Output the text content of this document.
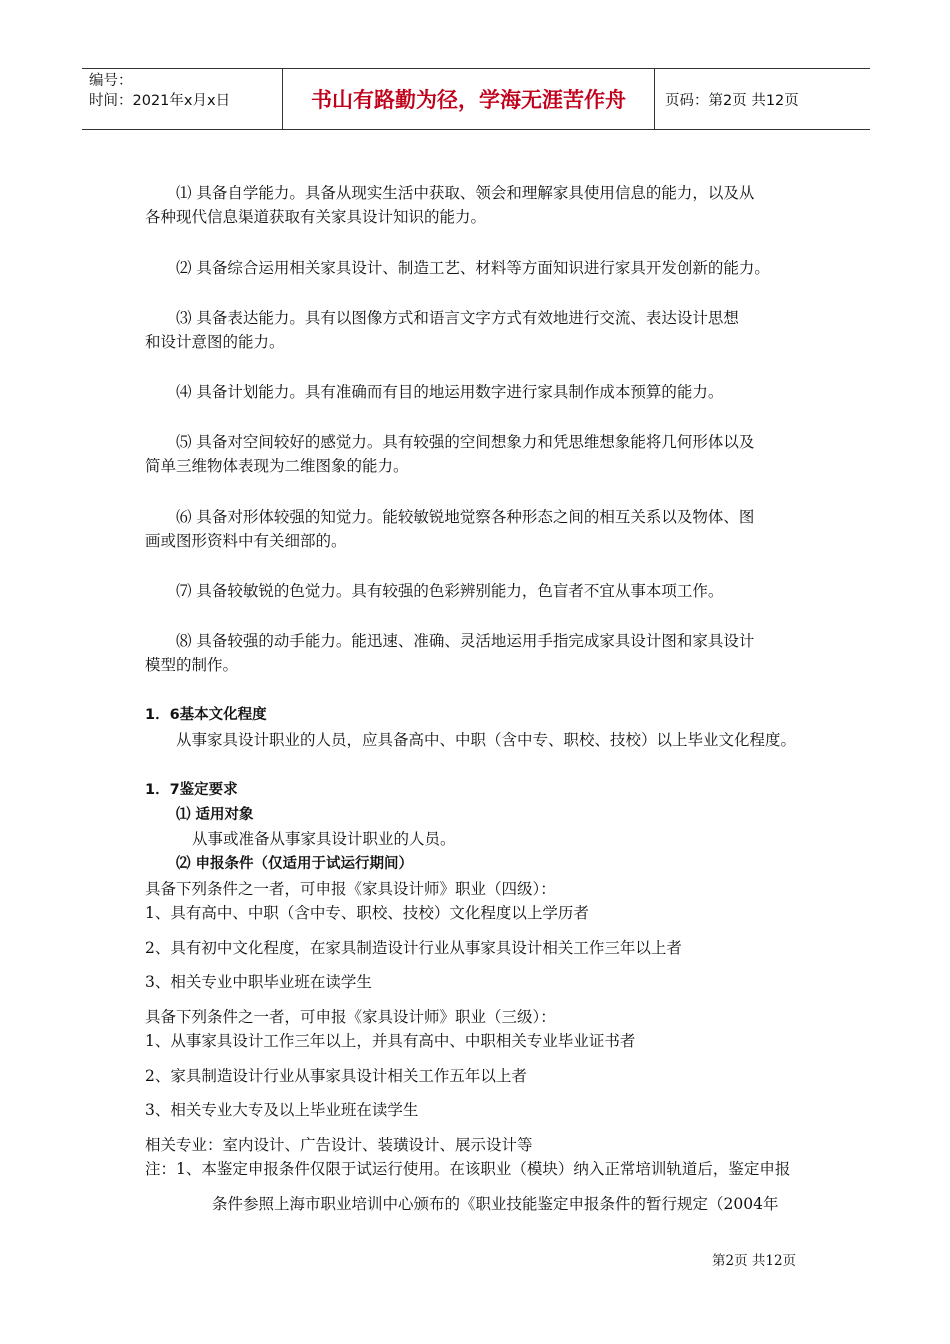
编号：
时间：2021年x月x日	书山有路勤为径，学海无涯苦作舟	页码：第2页 共12页
⑴ 具备自学能力。具备从现实生活中获取、领会和理解家具使用信息的能力，以及从
各种现代信息渠道获取有关家具设计知识的能力。
⑵ 具备综合运用相关家具设计、制造工艺、材料等方面知识进行家具开发创新的能力。
⑶ 具备表达能力。具有以图像方式和语言文字方式有效地进行交流、表达设计思想
和设计意图的能力。
⑷ 具备计划能力。具有准确而有目的地运用数字进行家具制作成本预算的能力。
⑸ 具备对空间较好的感觉力。具有较强的空间想象力和凭思维想象能将几何形体以及
简单三维物体表现为二维图象的能力。
⑹ 具备对形体较强的知觉力。能较敏锐地觉察各种形态之间的相互关系以及物体、图
画或图形资料中有关细部的。
⑺ 具备较敏锐的色觉力。具有较强的色彩辨别能力，色盲者不宜从事本项工作。
⑻ 具备较强的动手能力。能迅速、准确、灵活地运用手指完成家具设计图和家具设计
模型的制作。
1．6基本文化程度
从事家具设计职业的人员，应具备高中、中职（含中专、职校、技校）以上毕业文化程度。
1．7鉴定要求
⑴ 适用对象
从事或准备从事家具设计职业的人员。
⑵ 申报条件（仅适用于试运行期间）
具备下列条件之一者，可申报《家具设计师》职业（四级）：
1、具有高中、中职（含中专、职校、技校）文化程度以上学历者
2、具有初中文化程度，在家具制造设计行业从事家具设计相关工作三年以上者
3、相关专业中职毕业班在读学生
具备下列条件之一者，可申报《家具设计师》职业（三级）：
1、从事家具设计工作三年以上，并具有高中、中职相关专业毕业证书者
2、家具制造设计行业从事家具设计相关工作五年以上者
3、相关专业大专及以上毕业班在读学生
相关专业：室内设计、广告设计、装璜设计、展示设计等
注：1、本鉴定申报条件仅限于试运行使用。在该职业（模块）纳入正常培训轨道后，鉴定申报
条件参照上海市职业培训中心颁布的《职业技能鉴定申报条件的暂行规定（2004年
第2页 共12页
